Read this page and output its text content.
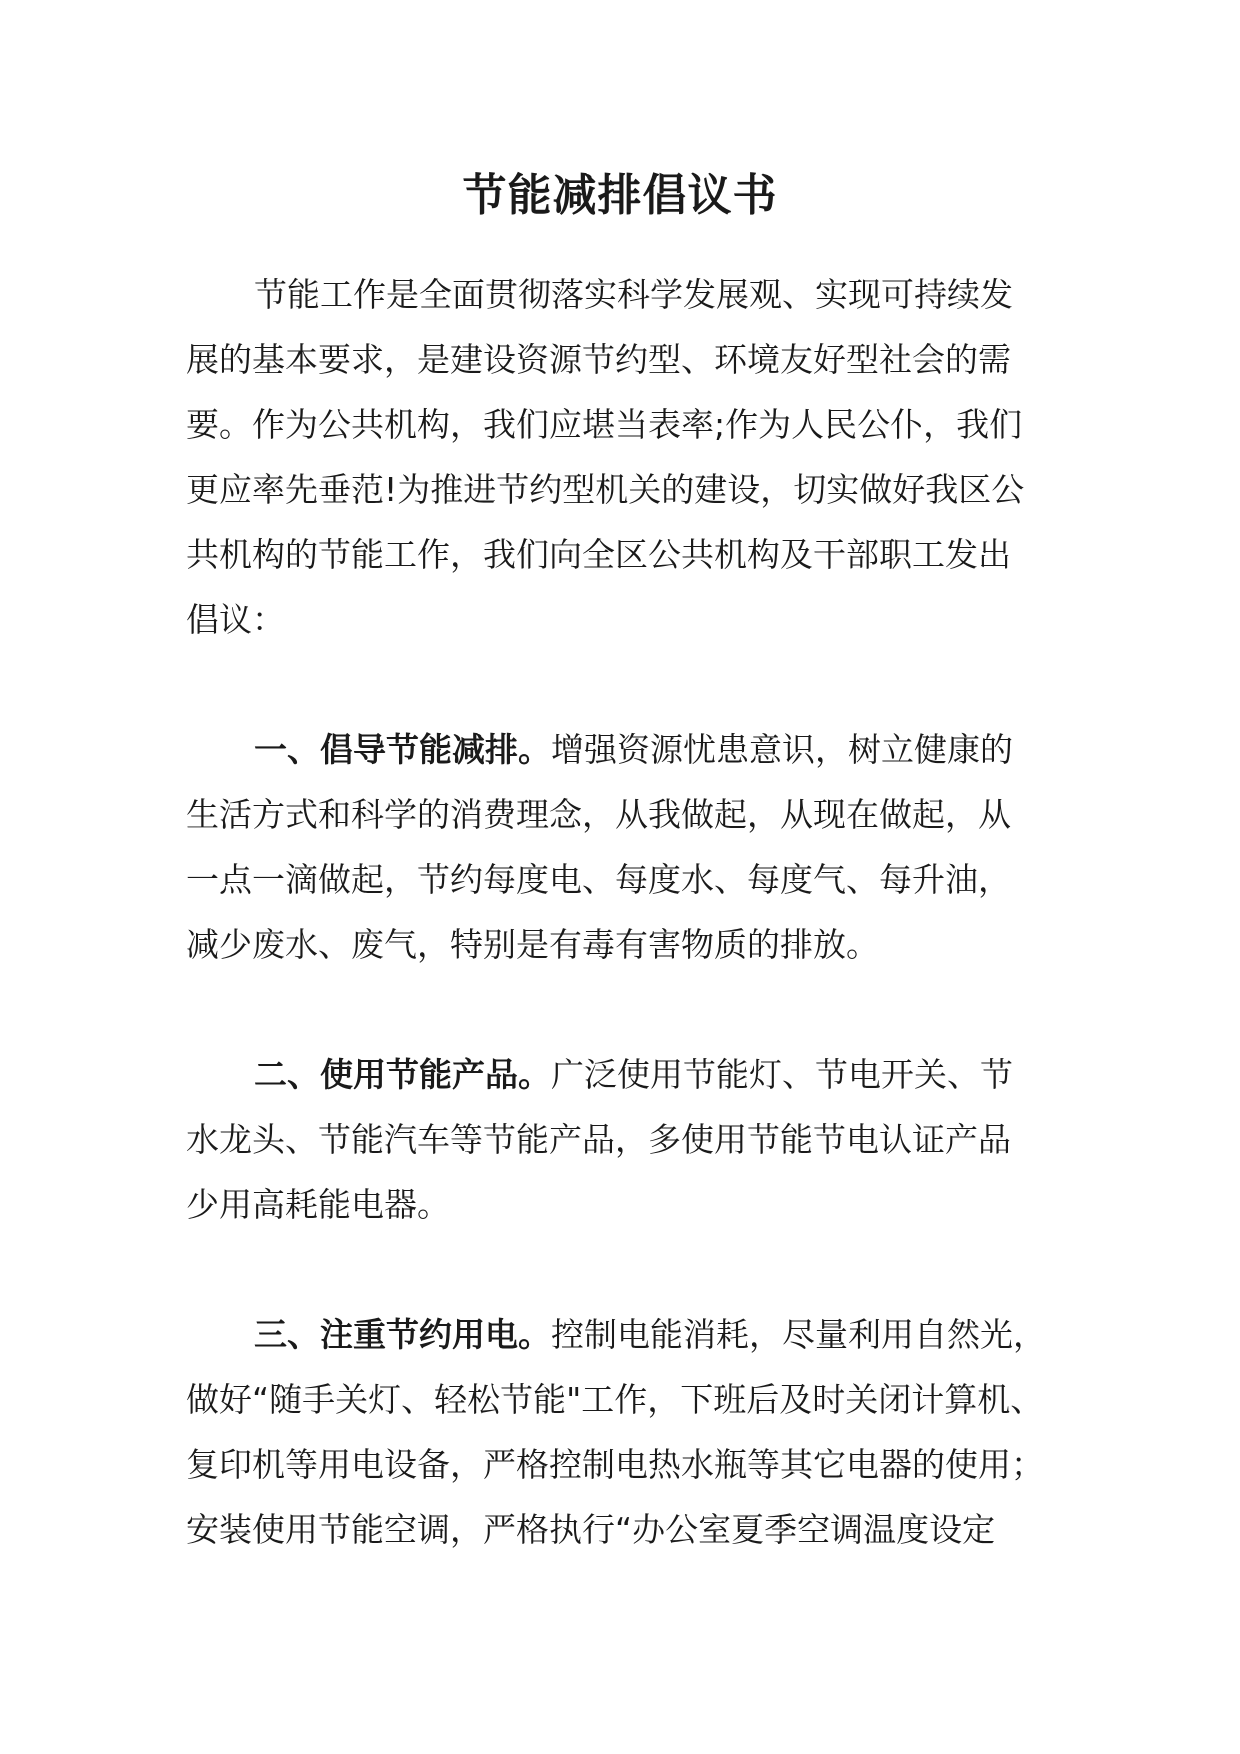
节能减排倡议书
节能工作是全面贯彻落实科学发展观、实现可持续发
展的基本要求，是建设资源节约型、环境友好型社会的需
要。作为公共机构，我们应堪当表率;作为人民公仆，我们
更应率先垂范!为推进节约型机关的建设，切实做好我区公
共机构的节能工作，我们向全区公共机构及干部职工发出
倡议：
一、倡导节能减排。增强资源忧患意识，树立健康的
生活方式和科学的消费理念，从我做起，从现在做起，从
一点一滴做起，节约每度电、每度水、每度气、每升油，
减少废水、废气，特别是有毒有害物质的排放。
二、使用节能产品。广泛使用节能灯、节电开关、节
水龙头、节能汽车等节能产品，多使用节能节电认证产品
少用高耗能电器。
三、注重节约用电。控制电能消耗，尽量利用自然光，
做好“随手关灯、轻松节能"工作，下班后及时关闭计算机、
复印机等用电设备，严格控制电热水瓶等其它电器的使用；
安装使用节能空调，严格执行“办公室夏季空调温度设定
